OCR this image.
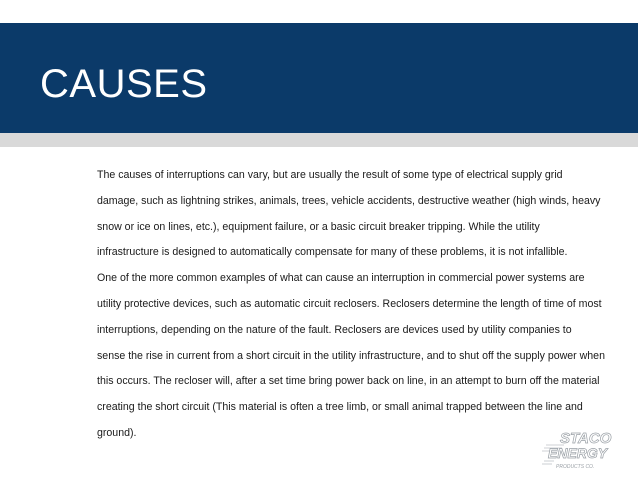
CAUSES
The causes of interruptions can vary, but are usually the result of some type of electrical supply grid
damage, such as lightning strikes, animals, trees, vehicle accidents, destructive weather (high winds, heavy
snow or ice on lines, etc.), equipment failure, or a basic circuit breaker tripping. While the utility
infrastructure is designed to automatically compensate for many of these problems, it is not infallible.
One of the more common examples of what can cause an interruption in commercial power systems are
utility protective devices, such as automatic circuit reclosers. Reclosers determine the length of time of most
interruptions, depending on the nature of the fault. Reclosers are devices used by utility companies to
sense the rise in current from a short circuit in the utility infrastructure, and to shut off the supply power when
this occurs. The recloser will, after a set time bring power back on line, in an attempt to burn off the material
creating the short circuit (This material is often a tree limb, or small animal trapped between the line and
ground).	STACO
ENERGY
PRODUCTS CO.
